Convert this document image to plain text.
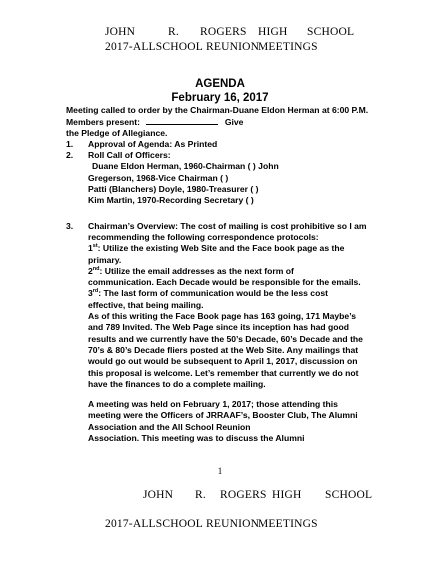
JOHN	R. ROGERS HIGH SCHOOL
2017-ALLSCHOOL REUNION
MEETINGS
AGENDA
February 16, 2017
Meeting called to order by the Chairman-Duane Eldon Herman at 6:00 P.M.
Members present:	Give
the Pledge of Allegiance.
1. Approval of Agenda: As Printed
2. Roll Call of Officers:
Duane Eldon Herman, 1960-Chairman ( ) John
Gregerson, 1968-Vice Chairman ( )
Patti (Blanchers) Doyle, 1980-Treasurer ( )
Kim Martin, 1970-Recording Secretary ( )
3. Chairman’s Overview: The cost of mailing is cost prohibitive so I am
recommending the following correspondence protocols:
1st: Utilize the existing Web Site and the Face book page as the
primary.
2nd: Utilize the email addresses as the next form of
communication. Each Decade would be responsible for the emails.
3rd: The last form of communication would be the less cost
effective, that being mailing.
As of this writing the Face Book page has 163 going, 171 Maybe’s
and 789 Invited. The Web Page since its inception has had good
results and we currently have the 50’s Decade, 60’s Decade and the
70’s & 80’s Decade fliers posted at the Web Site. Any mailings that
would go out would be subsequent to April 1, 2017, discussion on
this proposal is welcome. Let’s remember that currently we do not
have the finances to do a complete mailing.
A meeting was held on February 1, 2017; those attending this
meeting were the Officers of JRRAAF’s, Booster Club, The Alumni
Association and the All School Reunion
Association. This meeting was to discuss the Alumni
1
JOHN R. ROGERS HIGH SCHOOL
2017-ALLSCHOOL REUNION
MEETINGS
